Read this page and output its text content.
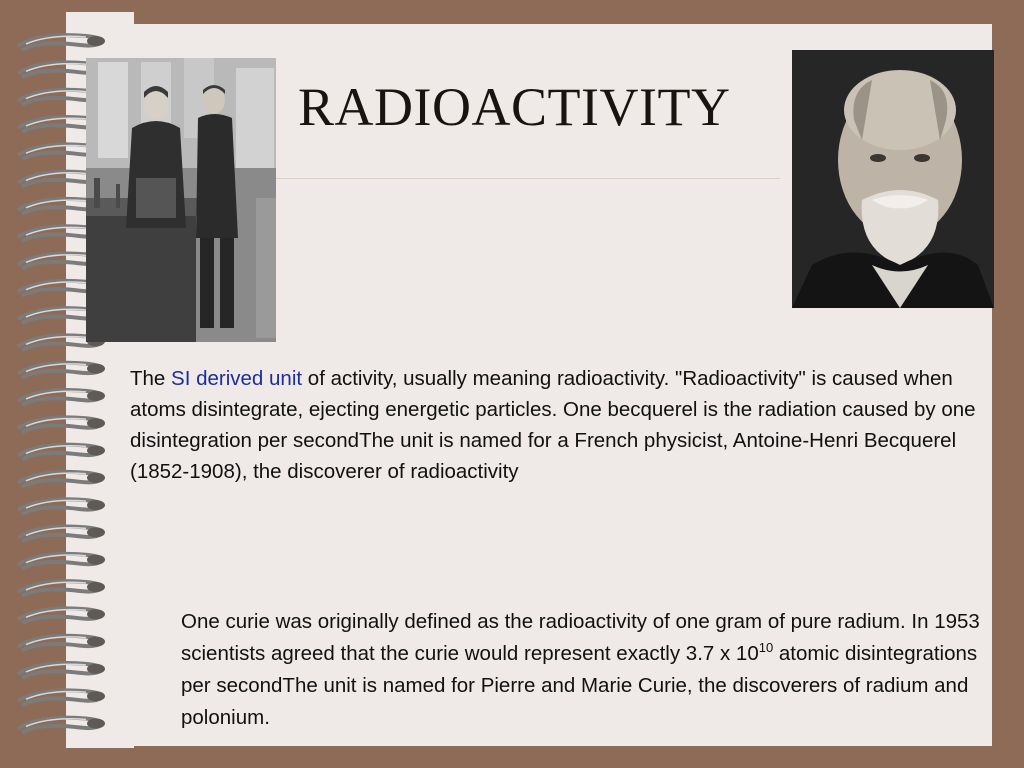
RADIOACTIVITY
The SI derived unit of activity, usually meaning radioactivity. "Radioactivity" is caused when atoms disintegrate, ejecting energetic particles. One becquerel is the radiation caused by one disintegration per secondThe unit is named for a French physicist, Antoine-Henri Becquerel (1852-1908), the discoverer of radioactivity
One curie was originally defined as the radioactivity of one gram of pure radium. In 1953 scientists agreed that the curie would represent exactly 3.7 x $10^{10}$ atomic disintegrations per secondThe unit is named for Pierre and Marie Curie, the discoverers of radium and polonium.
